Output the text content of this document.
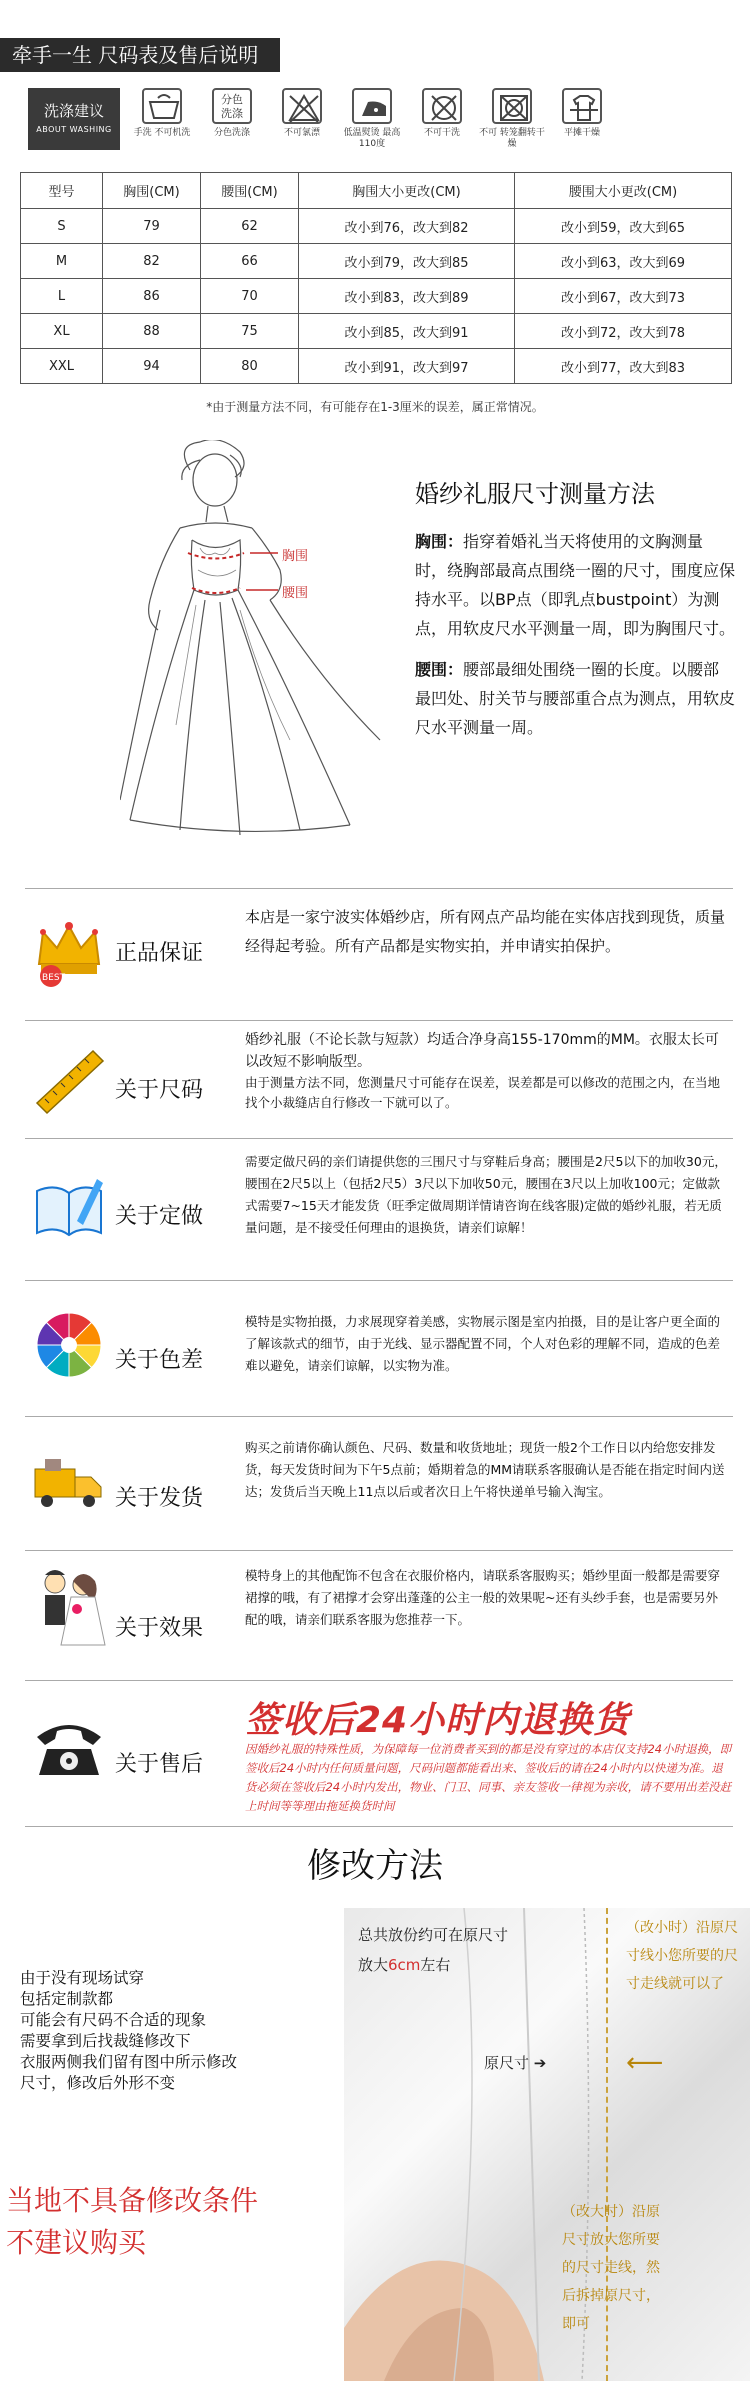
牵手一生 尺码表及售后说明
洗涤建议
ABOUT WASHING	手洗 不可机洗
分色
洗涤
分色洗涤	不可氯漂	低温熨烫 最高110度
不可干洗	不可 转笼翻转干燥
平摊干燥
型号	胸围(CM)	腰围(CM)	胸围大小更改(CM)	腰围大小更改(CM)
S	79	62	改小到76，改大到82	改小到59，改大到65
M	82	66	改小到79，改大到85	改小到63，改大到69
L	86	70	改小到83，改大到89	改小到67，改大到73
XL	88	75	改小到85，改大到91	改小到72，改大到78
XXL	94	80	改小到91，改大到97	改小到77，改大到83
*由于测量方法不同，有可能存在1-3厘米的误差，属正常情况。
胸围
腰围
婚纱礼服尺寸测量方法

胸围：指穿着婚礼当天将使用的文胸测量时，绕胸部最高点围绕一圈的尺寸，围度应保持水平。以BP点（即乳点bustpoint）为测点，用软皮尺水平测量一周，即为胸围尺寸。

腰围：腰部最细处围绕一圈的长度。以腰部最凹处、肘关节与腰部重合点为测点，用软皮尺水平测量一周。

BEST
正品保证
本店是一家宁波实体婚纱店，所有网点产品均能在实体店找到现货，质量经得起考验。所有产品都是实物实拍，并申请实拍保护。
关于尺码
婚纱礼服（不论长款与短款）均适合净身高155-170mm的MM。衣服太长可以改短不影响版型。
由于测量方法不同，您测量尺寸可能存在误差，误差都是可以修改的范围之内，在当地找个小裁缝店自行修改一下就可以了。
关于定做
需要定做尺码的亲们请提供您的三围尺寸与穿鞋后身高；腰围是2尺5以下的加收30元，腰围在2尺5以上（包括2尺5）3尺以下加收50元，腰围在3尺以上加收100元；定做款式需要7~15天才能发货（旺季定做周期详情请咨询在线客服)定做的婚纱礼服，若无质量问题，是不接受任何理由的退换货，请亲们谅解！
关于色差
模特是实物拍摄，力求展现穿着美感，实物展示图是室内拍摄，目的是让客户更全面的了解该款式的细节，由于光线、显示器配置不同，个人对色彩的理解不同，造成的色差难以避免，请亲们谅解，以实物为准。
关于发货
购买之前请你确认颜色、尺码、数量和收货地址；现货一般2个工作日以内给您安排发货，每天发货时间为下午5点前；婚期着急的MM请联系客服确认是否能在指定时间内送达；发货后当天晚上11点以后或者次日上午将快递单号输入淘宝。
关于效果
模特身上的其他配饰不包含在衣服价格内，请联系客服购买；婚纱里面一般都是需要穿裙撑的哦，有了裙撑才会穿出蓬蓬的公主一般的效果呢~还有头纱手套，也是需要另外配的哦，请亲们联系客服为您推荐一下。
关于售后
签收后24小时内退换货
因婚纱礼服的特殊性质，为保障每一位消费者买到的都是没有穿过的本店仅支持24小时退换，即签收后24小时内任何质量问题，尺码问题都能看出来、签收后的请在24小时内以快递为准。退货必须在签收后24小时内发出，物业、门卫、同事、亲友签收一律视为亲收，请不要用出差没赶上时间等等理由拖延换货时间
修改方法
由于没有现场试穿
包括定制款都
可能会有尺码不合适的现象
需要拿到后找裁缝修改下
衣服两侧我们留有图中所示修改
尺寸，修改后外形不变
当地不具备修改条件
不建议购买
总共放份约可在原尺寸
放大6cm左右
原尺寸 ➔	⟵
（改小时）沿原尺寸线小您所要的尺寸走线就可以了
（改大时）沿原尺寸放大您所要的尺寸走线，然后拆掉原尺寸，即可
